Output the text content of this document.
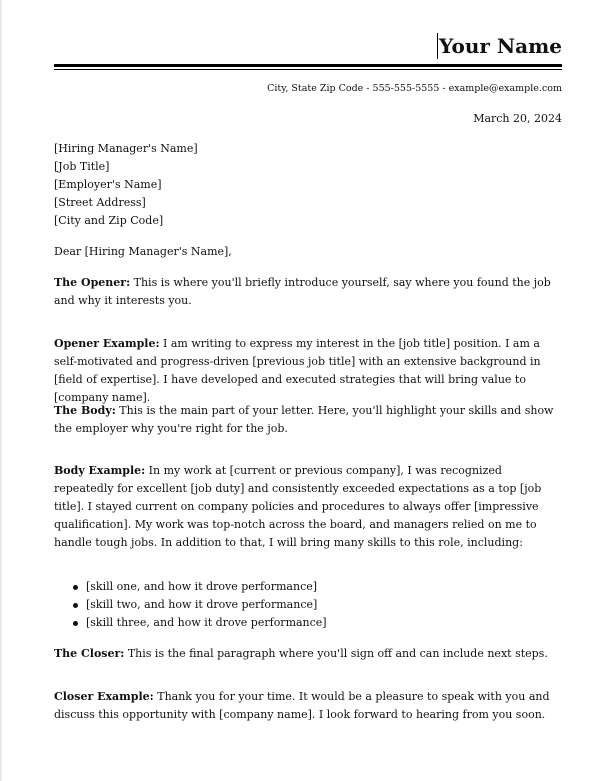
Your Name
City, State Zip Code - 555-555-5555 - example@example.com
March 20, 2024
[Hiring Manager's Name]
[Job Title]
[Employer's Name]
[Street Address]
[City and Zip Code]
Dear [Hiring Manager's Name],
The Opener: This is where you'll briefly introduce yourself, say where you found the job and why it interests you.
Opener Example: I am writing to express my interest in the [job title] position. I am a self-motivated and progress-driven [previous job title] with an extensive background in [field of expertise]. I have developed and executed strategies that will bring value to [company name].
The Body: This is the main part of your letter. Here, you'll highlight your skills and show the employer why you're right for the job.
Body Example: In my work at [current or previous company], I was recognized repeatedly for excellent [job duty] and consistently exceeded expectations as a top [job title]. I stayed current on company policies and procedures to always offer [impressive qualification]. My work was top-notch across the board, and managers relied on me to handle tough jobs. In addition to that, I will bring many skills to this role, including:
[skill one, and how it drove performance]
[skill two, and how it drove performance]
[skill three, and how it drove performance]
The Closer: This is the final paragraph where you'll sign off and can include next steps.
Closer Example: Thank you for your time. It would be a pleasure to speak with you and discuss this opportunity with [company name]. I look forward to hearing from you soon.
